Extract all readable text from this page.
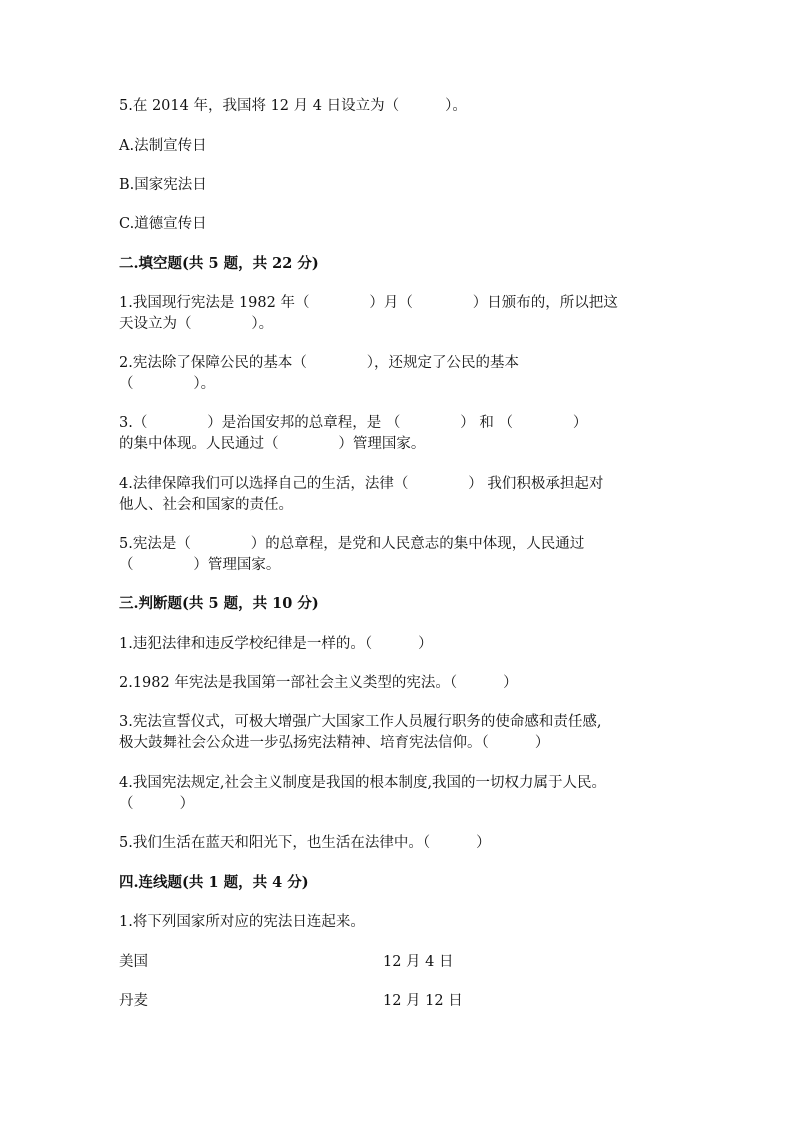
5.在 2014 年，我国将 12 月 4 日设立为（          ）。

A.法制宣传日

B.国家宪法日

C.道德宣传日

二.填空题(共 5 题，共 22 分)

1.我国现行宪法是 1982 年（             ）月（             ）日颁布的，所以把这

天设立为（             ）。

2.宪法除了保障公民的基本（             ），还规定了公民的基本

（             ）。

3.（             ）是治国安邦的总章程，是 （             ） 和 （             ）

的集中体现。人民通过（             ）管理国家。

4.法律保障我们可以选择自己的生活，法律（             ） 我们积极承担起对

他人、社会和国家的责任。

5.宪法是（             ）的总章程，是党和人民意志的集中体现，人民通过

（             ）管理国家。

三.判断题(共 5 题，共 10 分)

1.违犯法律和违反学校纪律是一样的。（          ）

2.1982 年宪法是我国第一部社会主义类型的宪法。（          ）

3.宪法宣誓仪式，可极大增强广大国家工作人员履行职务的使命感和责任感,

极大鼓舞社会公众进一步弘扬宪法精神、培育宪法信仰。（          ）

4.我国宪法规定,社会主义制度是我国的根本制度,我国的一切权力属于人民。

（          ）

5.我们生活在蓝天和阳光下，也生活在法律中。（          ）

四.连线题(共 1 题，共 4 分)

1.将下列国家所对应的宪法日连起来。

美国	12 月 4 日

丹麦	12 月 12 日
